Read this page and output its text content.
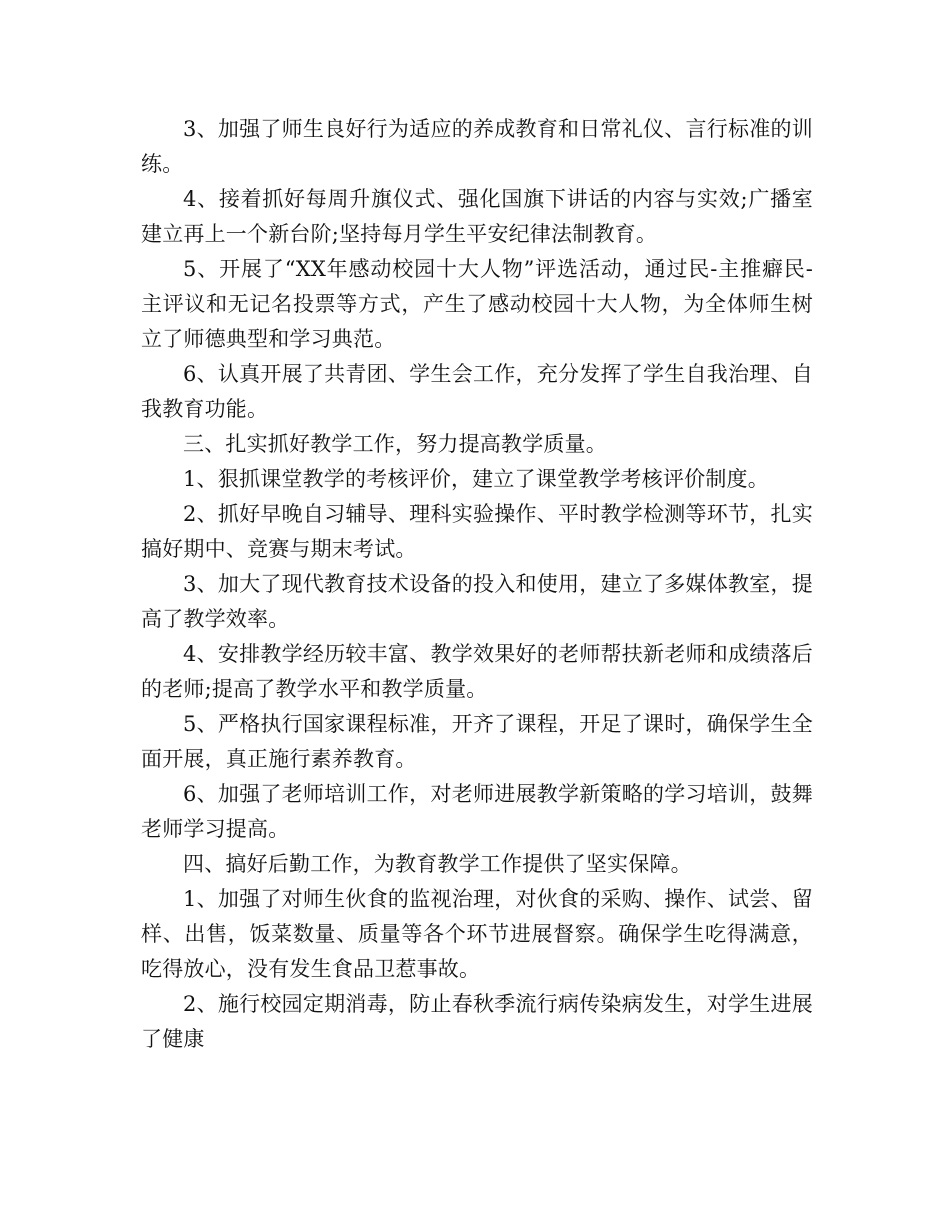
3、加强了师生良好行为适应的养成教育和日常礼仪、言行标准的训练。

4、接着抓好每周升旗仪式、强化国旗下讲话的内容与实效;广播室建立再上一个新台阶;坚持每月学生平安纪律法制教育。

5、开展了“XX年感动校园十大人物”评选活动，通过民-主推癖民-主评议和无记名投票等方式，产生了感动校园十大人物，为全体师生树立了师德典型和学习典范。

6、认真开展了共青团、学生会工作，充分发挥了学生自我治理、自我教育功能。

三、扎实抓好教学工作，努力提高教学质量。

1、狠抓课堂教学的考核评价，建立了课堂教学考核评价制度。

2、抓好早晚自习辅导、理科实验操作、平时教学检测等环节，扎实搞好期中、竞赛与期末考试。

3、加大了现代教育技术设备的投入和使用，建立了多媒体教室，提高了教学效率。

4、安排教学经历较丰富、教学效果好的老师帮扶新老师和成绩落后的老师;提高了教学水平和教学质量。

5、严格执行国家课程标准，开齐了课程，开足了课时，确保学生全面开展，真正施行素养教育。

6、加强了老师培训工作，对老师进展教学新策略的学习培训，鼓舞老师学习提高。

四、搞好后勤工作，为教育教学工作提供了坚实保障。

1、加强了对师生伙食的监视治理，对伙食的采购、操作、试尝、留样、出售，饭菜数量、质量等各个环节进展督察。确保学生吃得满意，吃得放心，没有发生食品卫惹事故。

2、施行校园定期消毒，防止春秋季流行病传染病发生，对学生进展了健康
